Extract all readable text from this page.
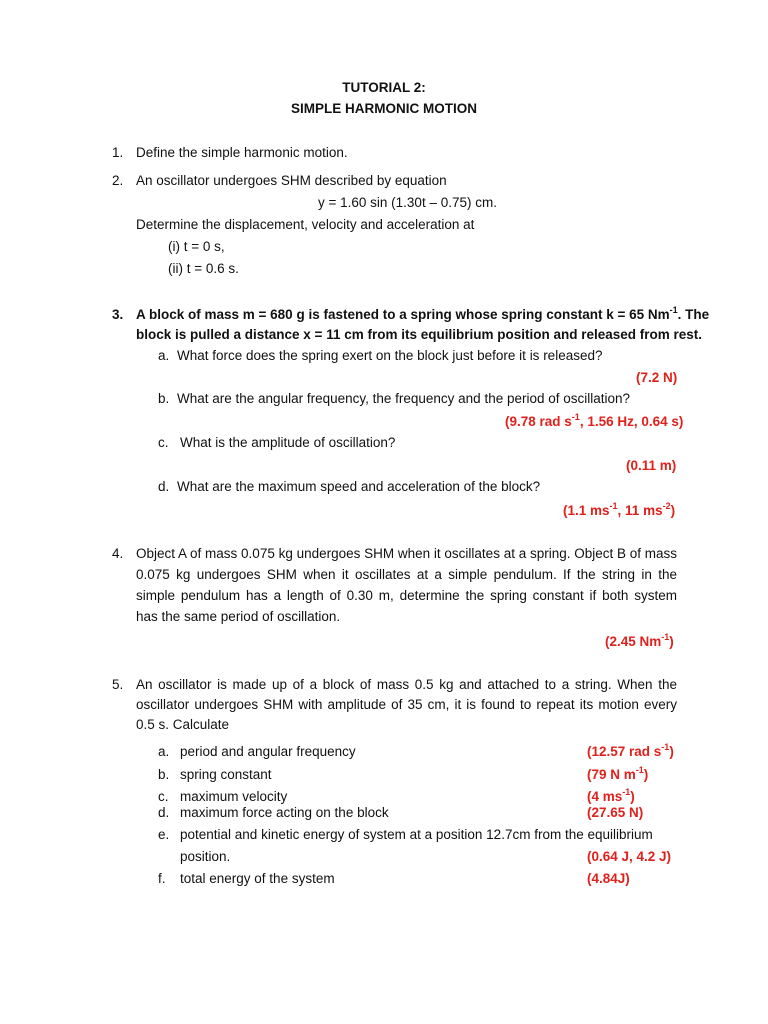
TUTORIAL 2:
SIMPLE HARMONIC MOTION
1. Define the simple harmonic motion.
2. An oscillator undergoes SHM described by equation
y = 1.60 sin (1.30t – 0.75) cm.
Determine the displacement, velocity and acceleration at
(i) t = 0 s,
(ii) t = 0.6 s.
3. A block of mass m = 680 g is fastened to a spring whose spring constant k = 65 $Nm^{-1}$. The
block is pulled a distance x = 11 cm from its equilibrium position and released from rest.
a. What force does the spring exert on the block just before it is released?
(7.2 N)
b. What are the angular frequency, the frequency and the period of oscillation?
(9.78 rad $s^{-1}$, 1.56 Hz, 0.64 s)
c. What is the amplitude of oscillation?
(0.11 m)
d. What are the maximum speed and acceleration of the block?
(1.1 $ms^{-1}$, 11 $ms^{-2}$)
4. Object A of mass 0.075 kg undergoes SHM when it oscillates at a spring. Object B of mass
0.075 kg undergoes SHM when it oscillates at a simple pendulum. If the string in the
simple pendulum has a length of 0.30 m, determine the spring constant if both system
has the same period of oscillation.
(2.45 $Nm^{-1}$)
5. An oscillator is made up of a block of mass 0.5 kg and attached to a string. When the
oscillator undergoes SHM with amplitude of 35 cm, it is found to repeat its motion every
0.5 s. Calculate
a. period and angular frequency	(12.57 rad $s^{-1}$)
b. spring constant	(79 N $m^{-1}$)
c. maximum velocity	(4 $ms^{-1}$)
d. maximum force acting on the block	(27.65 N)
e. potential and kinetic energy of system at a position 12.7cm from the equilibrium
position.	(0.64 J, 4.2 J)
f. total energy of the system	(4.84J)
